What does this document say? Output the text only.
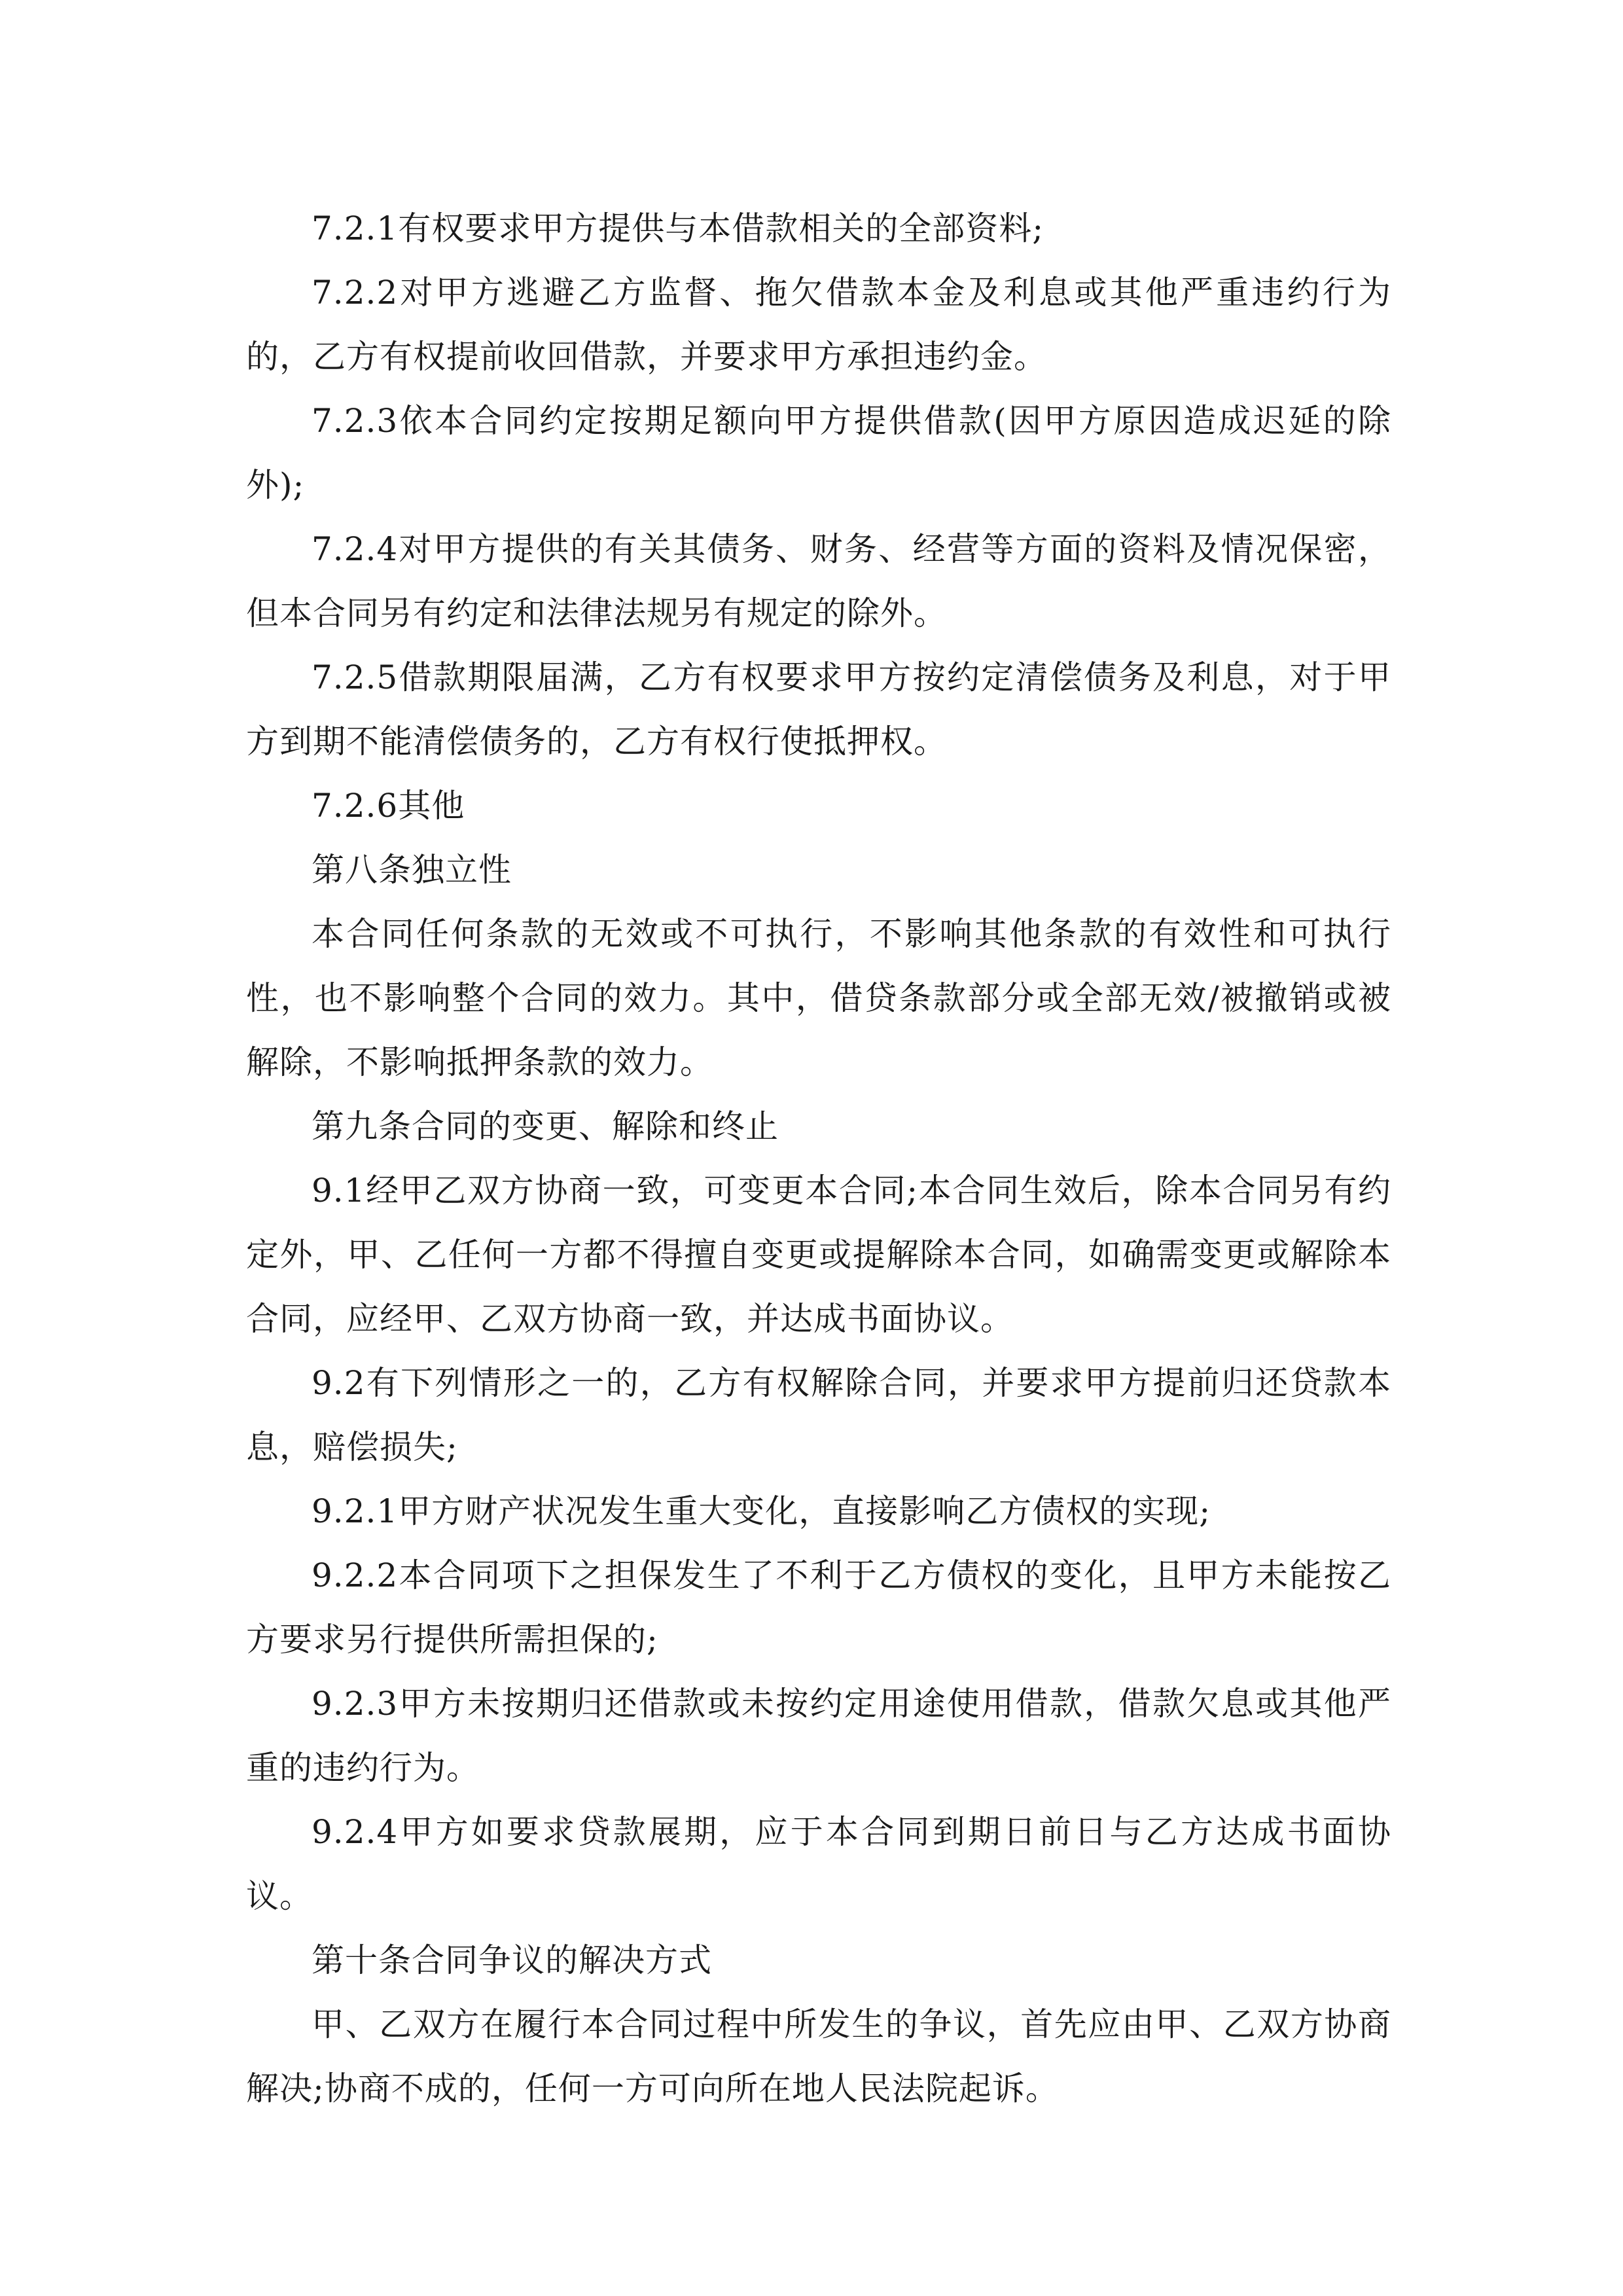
7.2.1有权要求甲方提供与本借款相关的全部资料;

7.2.2对甲方逃避乙方监督、拖欠借款本金及利息或其他严重违约行为的，乙方有权提前收回借款，并要求甲方承担违约金。

7.2.3依本合同约定按期足额向甲方提供借款(因甲方原因造成迟延的除外);

7.2.4对甲方提供的有关其债务、财务、经营等方面的资料及情况保密，但本合同另有约定和法律法规另有规定的除外。

7.2.5借款期限届满，乙方有权要求甲方按约定清偿债务及利息，对于甲方到期不能清偿债务的，乙方有权行使抵押权。

7.2.6其他

第八条独立性

本合同任何条款的无效或不可执行，不影响其他条款的有效性和可执行性，也不影响整个合同的效力。其中，借贷条款部分或全部无效/被撤销或被解除，不影响抵押条款的效力。

第九条合同的变更、解除和终止

9.1经甲乙双方协商一致，可变更本合同;本合同生效后，除本合同另有约定外，甲、乙任何一方都不得擅自变更或提解除本合同，如确需变更或解除本合同，应经甲、乙双方协商一致，并达成书面协议。

9.2有下列情形之一的，乙方有权解除合同，并要求甲方提前归还贷款本息，赔偿损失;

9.2.1甲方财产状况发生重大变化，直接影响乙方债权的实现;

9.2.2本合同项下之担保发生了不利于乙方债权的变化，且甲方未能按乙方要求另行提供所需担保的;

9.2.3甲方未按期归还借款或未按约定用途使用借款，借款欠息或其他严重的违约行为。

9.2.4甲方如要求贷款展期，应于本合同到期日前日与乙方达成书面协议。

第十条合同争议的解决方式

甲、乙双方在履行本合同过程中所发生的争议，首先应由甲、乙双方协商解决;协商不成的，任何一方可向所在地人民法院起诉。
